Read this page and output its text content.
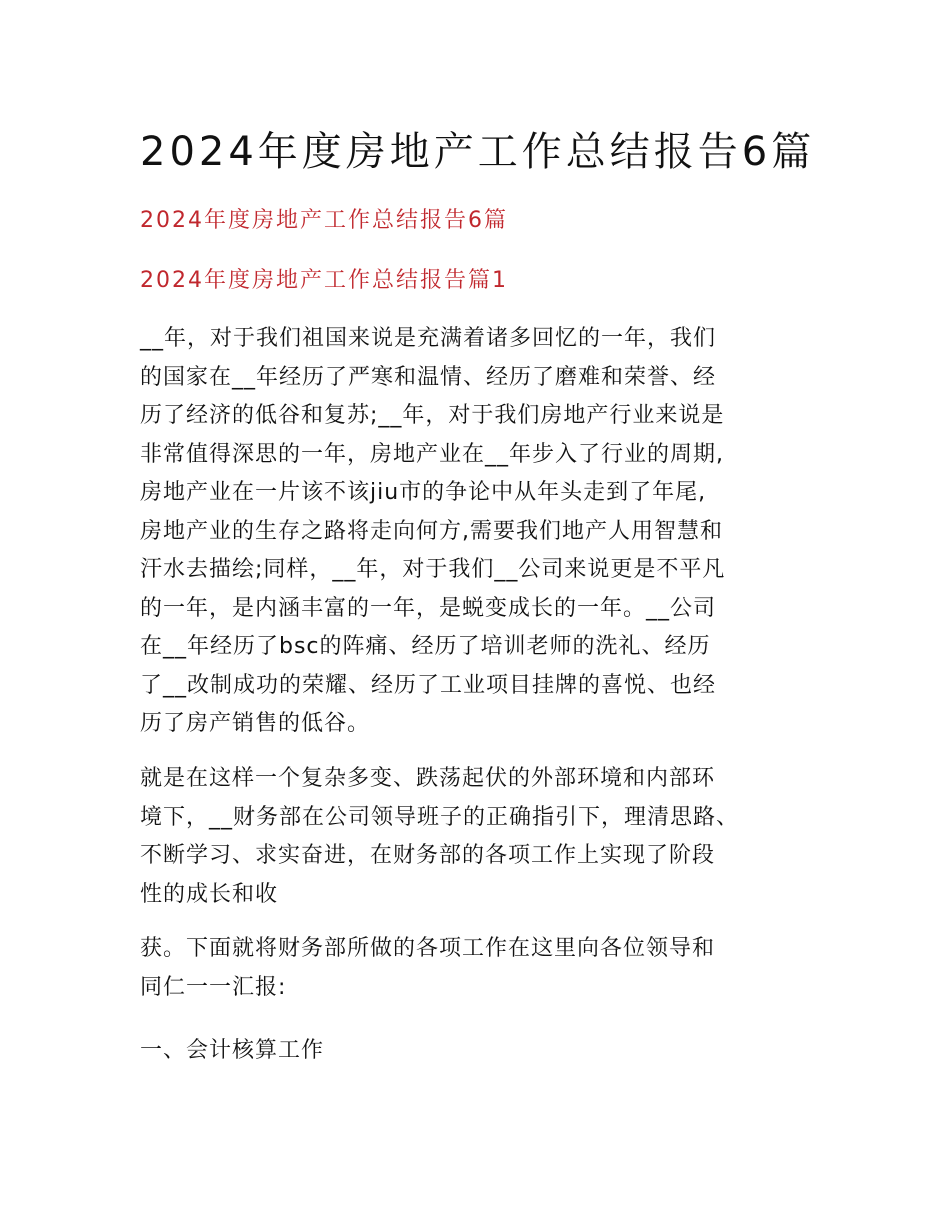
2024年度房地产工作总结报告6篇
2024年度房地产工作总结报告6篇
2024年度房地产工作总结报告篇1
__年，对于我们祖国来说是充满着诸多回忆的一年，我们
的国家在__年经历了严寒和温情、经历了磨难和荣誉、经
历了经济的低谷和复苏;__年，对于我们房地产行业来说是
非常值得深思的一年，房地产业在__年步入了行业的周期,
房地产业在一片该不该jiu市的争论中从年头走到了年尾,
房地产业的生存之路将走向何方,需要我们地产人用智慧和
汗水去描绘;同样，__年，对于我们__公司来说更是不平凡
的一年，是内涵丰富的一年，是蜕变成长的一年。__公司
在__年经历了bsc的阵痛、经历了培训老师的洗礼、经历
了__改制成功的荣耀、经历了工业项目挂牌的喜悦、也经
历了房产销售的低谷。
就是在这样一个复杂多变、跌荡起伏的外部环境和内部环
境下，__财务部在公司领导班子的正确指引下，理清思路、
不断学习、求实奋进，在财务部的各项工作上实现了阶段
性的成长和收
获。下面就将财务部所做的各项工作在这里向各位领导和
同仁一一汇报:
一、会计核算工作
